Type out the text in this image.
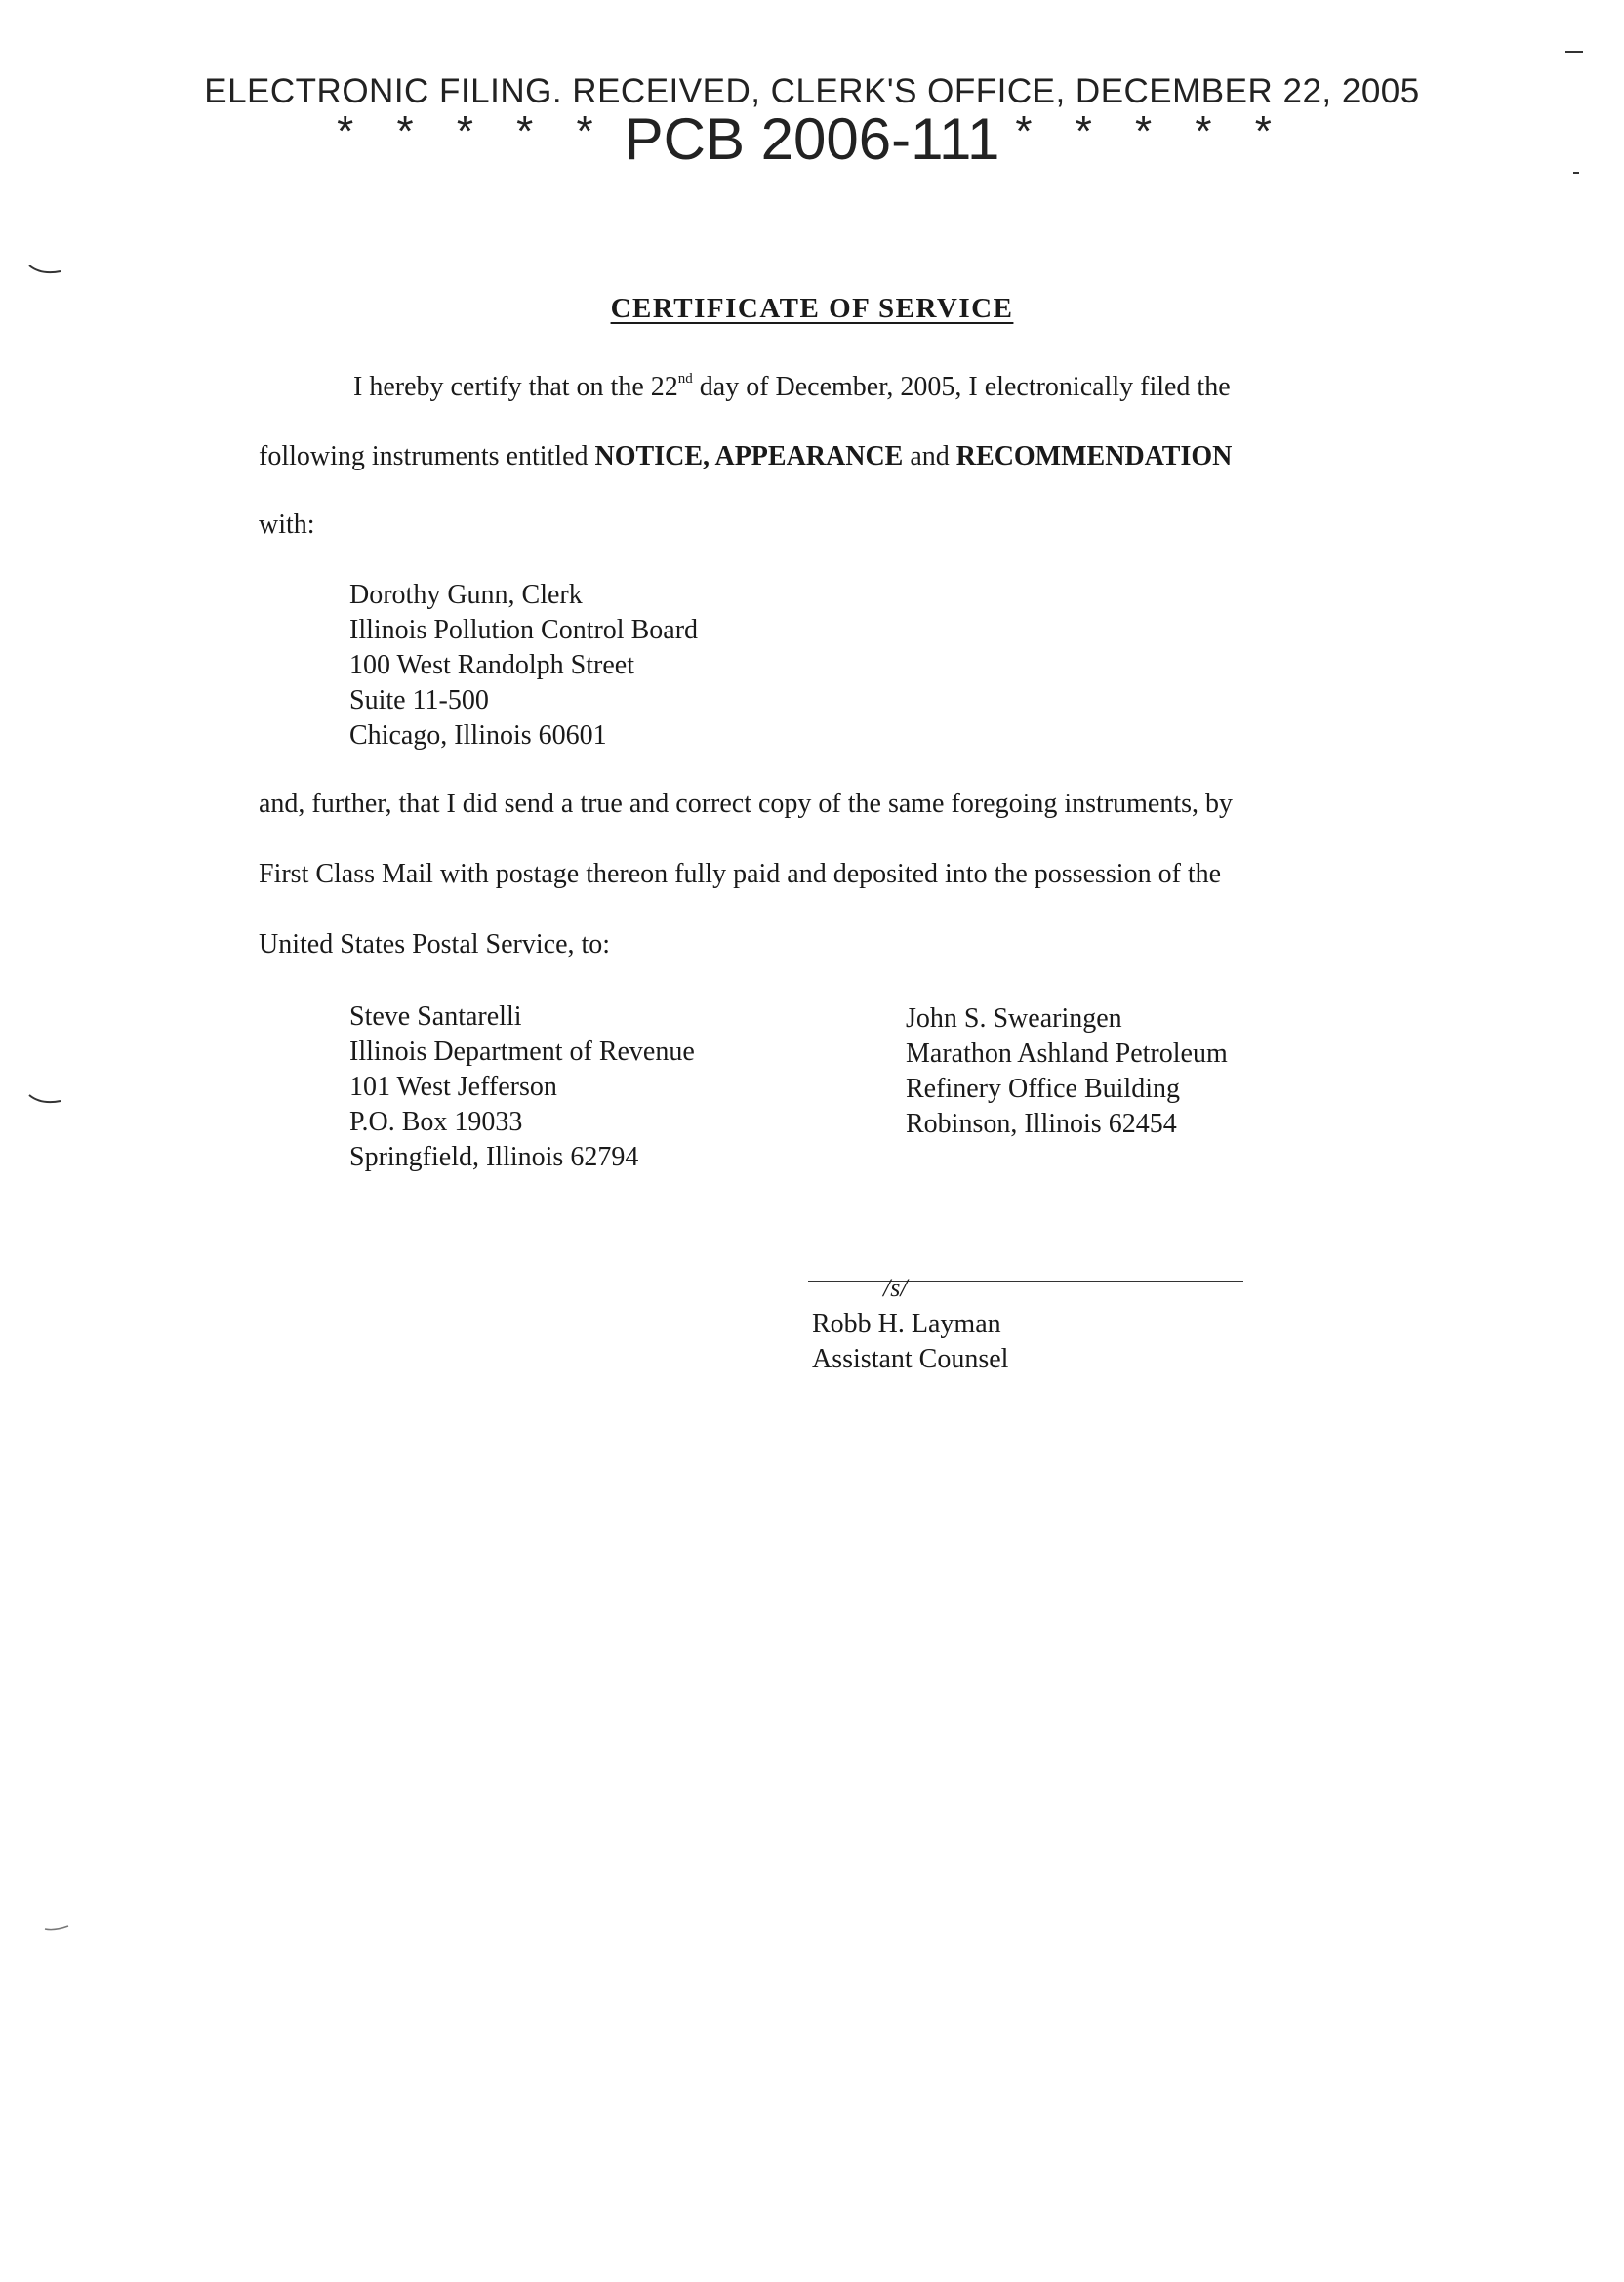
ELECTRONIC FILING. RECEIVED, CLERK'S OFFICE, DECEMBER 22, 2005
* * * * * PCB 2006-111 * * * * *
CERTIFICATE OF SERVICE
I hereby certify that on the 22nd day of December, 2005, I electronically filed the
following instruments entitled NOTICE, APPEARANCE and RECOMMENDATION
with:
Dorothy Gunn, Clerk
Illinois Pollution Control Board
100 West Randolph Street
Suite 11-500
Chicago, Illinois 60601
and, further, that I did send a true and correct copy of the same foregoing instruments, by
First Class Mail with postage thereon fully paid and deposited into the possession of the
United States Postal Service, to:
Steve Santarelli
Illinois Department of Revenue
101 West Jefferson
P.O. Box 19033
Springfield, Illinois 62794
John S. Swearingen
Marathon Ashland Petroleum
Refinery Office Building
Robinson, Illinois 62454
/s/
Robb H. Layman
Assistant Counsel
